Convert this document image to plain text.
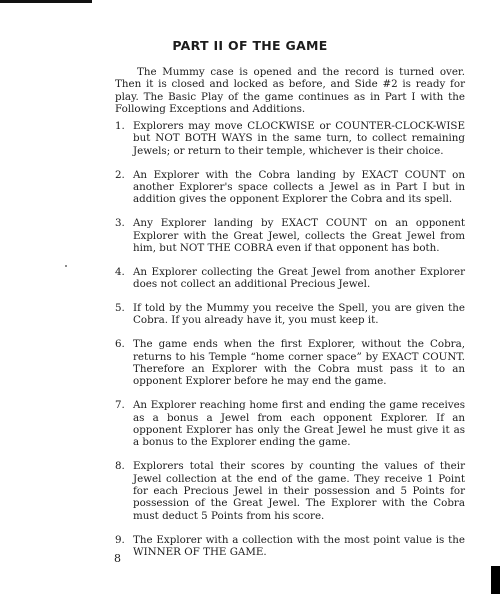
PART II OF THE GAME

The Mummy case is opened and the record is turned over. Then it is closed and locked as before, and Side #2 is ready for play. The Basic Play of the game continues as in Part I with the Following Exceptions and Additions.

1. Explorers may move CLOCKWISE or COUNTER-CLOCK-WISE but NOT BOTH WAYS in the same turn, to collect remaining Jewels; or return to their temple, whichever is their choice.
2. An Explorer with the Cobra landing by EXACT COUNT on another Explorer's space collects a Jewel as in Part I but in addition gives the opponent Explorer the Cobra and its spell.
3. Any Explorer landing by EXACT COUNT on an opponent Explorer with the Great Jewel, collects the Great Jewel from him, but NOT THE COBRA even if that opponent has both.
4. An Explorer collecting the Great Jewel from another Explorer does not collect an additional Precious Jewel.
5. If told by the Mummy you receive the Spell, you are given the Cobra. If you already have it, you must keep it.
6. The game ends when the first Explorer, without the Cobra, returns to his Temple “home corner space” by EXACT COUNT. Therefore an Explorer with the Cobra must pass it to an opponent Explorer before he may end the game.
7. An Explorer reaching home first and ending the game receives as a bonus a Jewel from each opponent Explorer. If an opponent Explorer has only the Great Jewel he must give it as a bonus to the Explorer ending the game.
8. Explorers total their scores by counting the values of their Jewel collection at the end of the game. They receive 1 Point for each Precious Jewel in their possession and 5 Points for possession of the Great Jewel. The Explorer with the Cobra must deduct 5 Points from his score.
9. The Explorer with a collection with the most point value is the WINNER OF THE GAME.

8
